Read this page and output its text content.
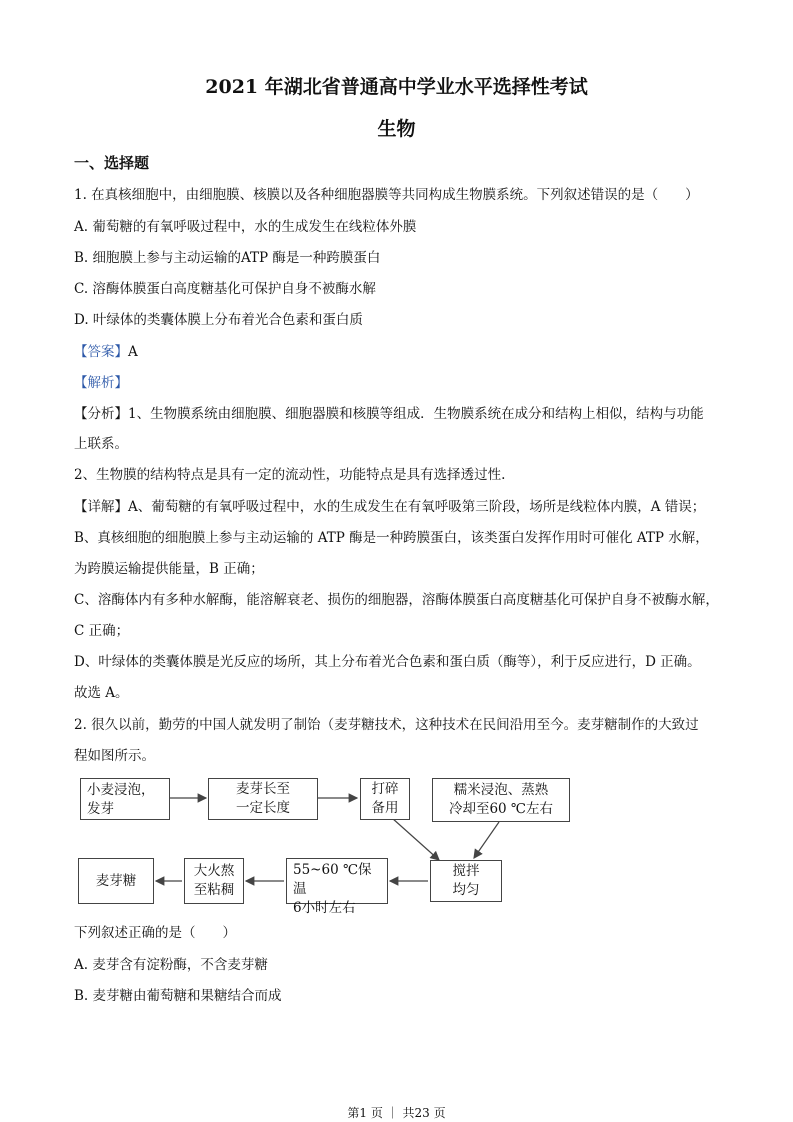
2021 年湖北省普通高中学业水平选择性考试
生物
一、选择题
1. 在真核细胞中，由细胞膜、核膜以及各种细胞器膜等共同构成生物膜系统。下列叙述错误的是（　　）
A. 葡萄糖的有氧呼吸过程中，水的生成发生在线粒体外膜
B. 细胞膜上参与主动运输的ATP 酶是一种跨膜蛋白
C. 溶酶体膜蛋白高度糖基化可保护自身不被酶水解
D. 叶绿体的类囊体膜上分布着光合色素和蛋白质
【答案】A
【解析】
【分析】1、生物膜系统由细胞膜、细胞器膜和核膜等组成．生物膜系统在成分和结构上相似，结构与功能
上联系。
2、生物膜的结构特点是具有一定的流动性，功能特点是具有选择透过性.
【详解】A、葡萄糖的有氧呼吸过程中，水的生成发生在有氧呼吸第三阶段，场所是线粒体内膜，A 错误；
B、真核细胞的细胞膜上参与主动运输的 ATP 酶是一种跨膜蛋白，该类蛋白发挥作用时可催化 ATP 水解，
为跨膜运输提供能量，B 正确；
C、溶酶体内有多种水解酶，能溶解衰老、损伤的细胞器，溶酶体膜蛋白高度糖基化可保护自身不被酶水解，
C 正确；
D、叶绿体的类囊体膜是光反应的场所，其上分布着光合色素和蛋白质（酶等），利于反应进行，D 正确。
故选 A。
2. 很久以前，勤劳的中国人就发明了制饴（麦芽糖技术，这种技术在民间沿用至今。麦芽糖制作的大致过
程如图所示。
小麦浸泡，
发芽
麦芽长至
一定长度
打碎
备用
糯米浸泡、蒸熟
冷却至60 ℃左右
搅拌
均匀
55~60 ℃保温
6小时左右
大火熬
至粘稠
麦芽糖
下列叙述正确的是（　　）
A. 麦芽含有淀粉酶，不含麦芽糖
B. 麦芽糖由葡萄糖和果糖结合而成
第1 页 ｜ 共23 页
